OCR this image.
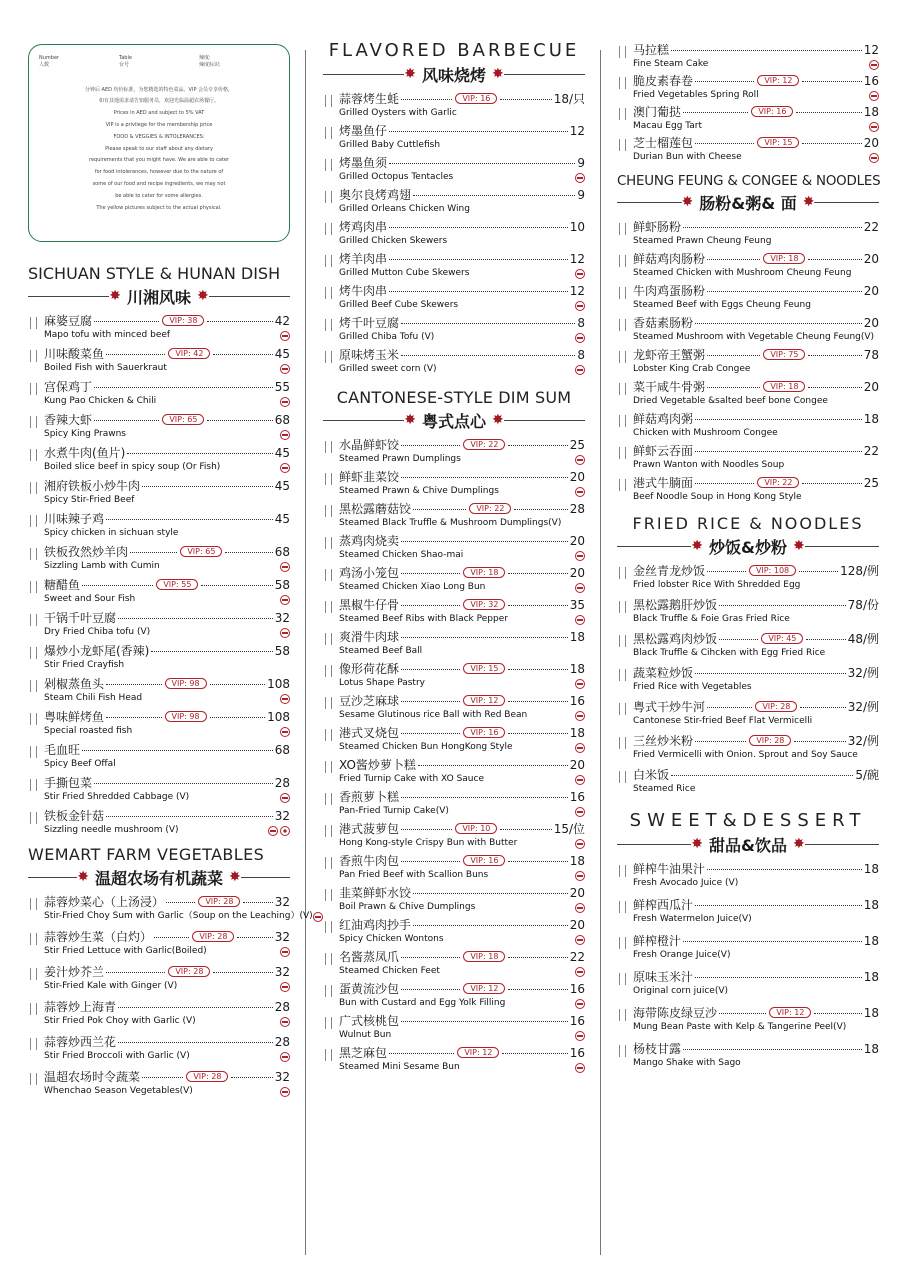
Number
人数
Table
台号
辣度:
辣度标识:

分钟后 AED 均价标准，为您精选的特色菜品。VIP 会员专享价格，

如有其他需求请告知服务员，欢迎光临温超农场餐厅。

Prices in AED and subject to 5% VAT

VIP is a privilege for the membership price

FOOD & VEGGIES & INTOLERANCES:

Please speak to our staff about any dietary

requirements that you might have. We are able to cater

for food intolerances, however due to the nature of

some of our food and recipe ingredients, we may not

be able to cater for some allergies.

The yellow pictures subject to the actual physical.

SICHUAN STYLE & HUNAN DISH
✸ 川湘风味 ✸
麻婆豆腐	VIP: 38	42
Mapo tofu with minced beef
川味酸菜鱼	VIP: 42	45
Boiled Fish with Sauerkraut
宫保鸡丁	55
Kung Pao Chicken & Chili
香辣大虾	VIP: 65	68
Spicy King Prawns
水煮牛肉(鱼片)	45
Boiled slice beef in spicy soup (Or Fish)
湘府铁板小炒牛肉	45
Spicy Stir-Fried Beef
川味辣子鸡	45
Spicy chicken in sichuan style
铁板孜然炒羊肉	VIP: 65	68
Sizzling Lamb with Cumin
糖醋鱼	VIP: 55	58
Sweet and Sour Fish
干锅千叶豆腐	32
Dry Fried Chiba tofu (V)
爆炒小龙虾尾(香辣)	58
Stir Fried Crayfish
剁椒蒸鱼头	VIP: 98	108
Steam Chili Fish Head
粤味鲜烤鱼	VIP: 98	108
Special roasted fish
毛血旺	68
Spicy Beef Offal
手撕包菜	28
Stir Fried Shredded Cabbage (V)
铁板金针菇	32
Sizzling needle mushroom (V)
WEMART FARM VEGETABLES
✸ 温超农场有机蔬菜 ✸
蒜蓉炒菜心（上汤浸）	VIP: 28	32
Stir-Fried Choy Sum with Garlic（Soup on the Leaching）(V)
蒜蓉炒生菜（白灼）	VIP: 28	32
Stir Fried Lettuce with Garlic(Boiled)
姜汁炒芥兰	VIP: 28	32
Stir-Fried Kale with Ginger (V)
蒜蓉炒上海青	28
Stir Fried Pok Choy with Garlic (V)
蒜蓉炒西兰花	28
Stir Fried Broccoli with Garlic (V)
温超农场时令蔬菜	VIP: 28	32
Whenchao Season Vegetables(V)
FLAVORED BARBECUE
✸ 风味烧烤 ✸
蒜蓉烤生蚝	VIP: 16	18/只
Grilled Oysters with Garlic
烤墨鱼仔	12
Grilled Baby Cuttlefish
烤墨鱼须	9
Grilled Octopus Tentacles
奥尔良烤鸡翅	9
Grilled Orleans Chicken Wing
烤鸡肉串	10
Grilled Chicken Skewers
烤羊肉串	12
Grilled Mutton Cube Skewers
烤牛肉串	12
Grilled Beef Cube Skewers
烤千叶豆腐	8
Grilled Chiba Tofu (V)
原味烤玉米	8
Grilled sweet corn (V)
CANTONESE-STYLE DIM SUM
✸ 粤式点心 ✸
水晶鲜虾饺	VIP: 22	25
Steamed Prawn Dumplings
鲜虾韭菜饺	20
Steamed Prawn & Chive Dumplings
黑松露蘑菇饺	VIP: 22	28
Steamed Black Truffle & Mushroom Dumplings(V)
蒸鸡肉烧卖	20
Steamed Chicken Shao-mai
鸡汤小笼包	VIP: 18	20
Steamed Chicken Xiao Long Bun
黑椒牛仔骨	VIP: 32	35
Steamed Beef Ribs with Black Pepper
爽滑牛肉球	18
Steamed Beef Ball
像形荷花酥	VIP: 15	18
Lotus Shape Pastry
豆沙芝麻球	VIP: 12	16
Sesame Glutinous rice Ball with Red Bean
港式叉烧包	VIP: 16	18
Steamed Chicken Bun HongKong Style
XO酱炒萝卜糕	20
Fried Turnip Cake with XO Sauce
香煎萝卜糕	16
Pan-Fried Turnip Cake(V)
港式菠萝包	VIP: 10	15/位
Hong Kong-style Crispy Bun with Butter
香煎牛肉包	VIP: 16	18
Pan Fried Beef with Scallion Buns
韭菜鲜虾水饺	20
Boil Prawn & Chive Dumplings
红油鸡肉抄手	20
Spicy Chicken Wontons
名酱蒸凤爪	VIP: 18	22
Steamed Chicken Feet
蛋黄流沙包	VIP: 12	16
Bun with Custard and Egg Yolk Filling
广式核桃包	16
Wulnut Bun
黑芝麻包	VIP: 12	16
Steamed Mini Sesame Bun
马拉糕	12
Fine Steam Cake
脆皮素春卷	VIP: 12	16
Fried Vegetables Spring Roll
澳门葡挞	VIP: 16	18
Macau Egg Tart
芝士榴莲包	VIP: 15	20
Durian Bun with Cheese
CHEUNG FEUNG & CONGEE & NOODLES
✸ 肠粉&粥& 面 ✸
鲜虾肠粉	22
Steamed Prawn Cheung Feung
鲜菇鸡肉肠粉	VIP: 18	20
Steamed Chicken with Mushroom Cheung Feung
牛肉鸡蛋肠粉	20
Steamed Beef with Eggs Cheung Feung
香菇素肠粉	20
Steamed Mushroom with Vegetable Cheung Feung(V)
龙虾帝王蟹粥	VIP: 75	78
Lobster King Crab Congee
菜干咸牛骨粥	VIP: 18	20
Dried Vegetable &salted beef bone Congee
鲜菇鸡肉粥	18
Chicken with Mushroom Congee
鲜虾云吞面	22
Prawn Wanton with Noodles Soup
港式牛腩面	VIP: 22	25
Beef Noodle Soup in Hong Kong Style
FRIED RICE & NOODLES
✸ 炒饭&炒粉 ✸
金丝青龙炒饭	VIP: 108	128/例
Fried lobster Rice With Shredded Egg
黑松露鹅肝炒饭	78/份
Black Truffle & Foie Gras Fried Rice
黑松露鸡肉炒饭	VIP: 45	48/例
Black Truffle & Cihcken with Egg Fried Rice
蔬菜粒炒饭	32/例
Fried Rice with Vegetables
粤式干炒牛河	VIP: 28	32/例
Cantonese Stir-fried Beef Flat Vermicelli
三丝炒米粉	VIP: 28	32/例
Fried Vermicelli with Onion. Sprout and Soy Sauce
白米饭	5/碗
Steamed Rice
SWEET&DESSERT
✸ 甜品&饮品 ✸
鲜榨牛油果汁	18
Fresh Avocado Juice (V)
鲜榨西瓜汁	18
Fresh Watermelon Juice(V)
鲜榨橙汁	18
Fresh Orange Juice(V)
原味玉米汁	18
Original corn juice(V)
海带陈皮绿豆沙	VIP: 12	18
Mung Bean Paste with Kelp & Tangerine Peel(V)
杨枝甘露	18
Mango Shake with Sago
